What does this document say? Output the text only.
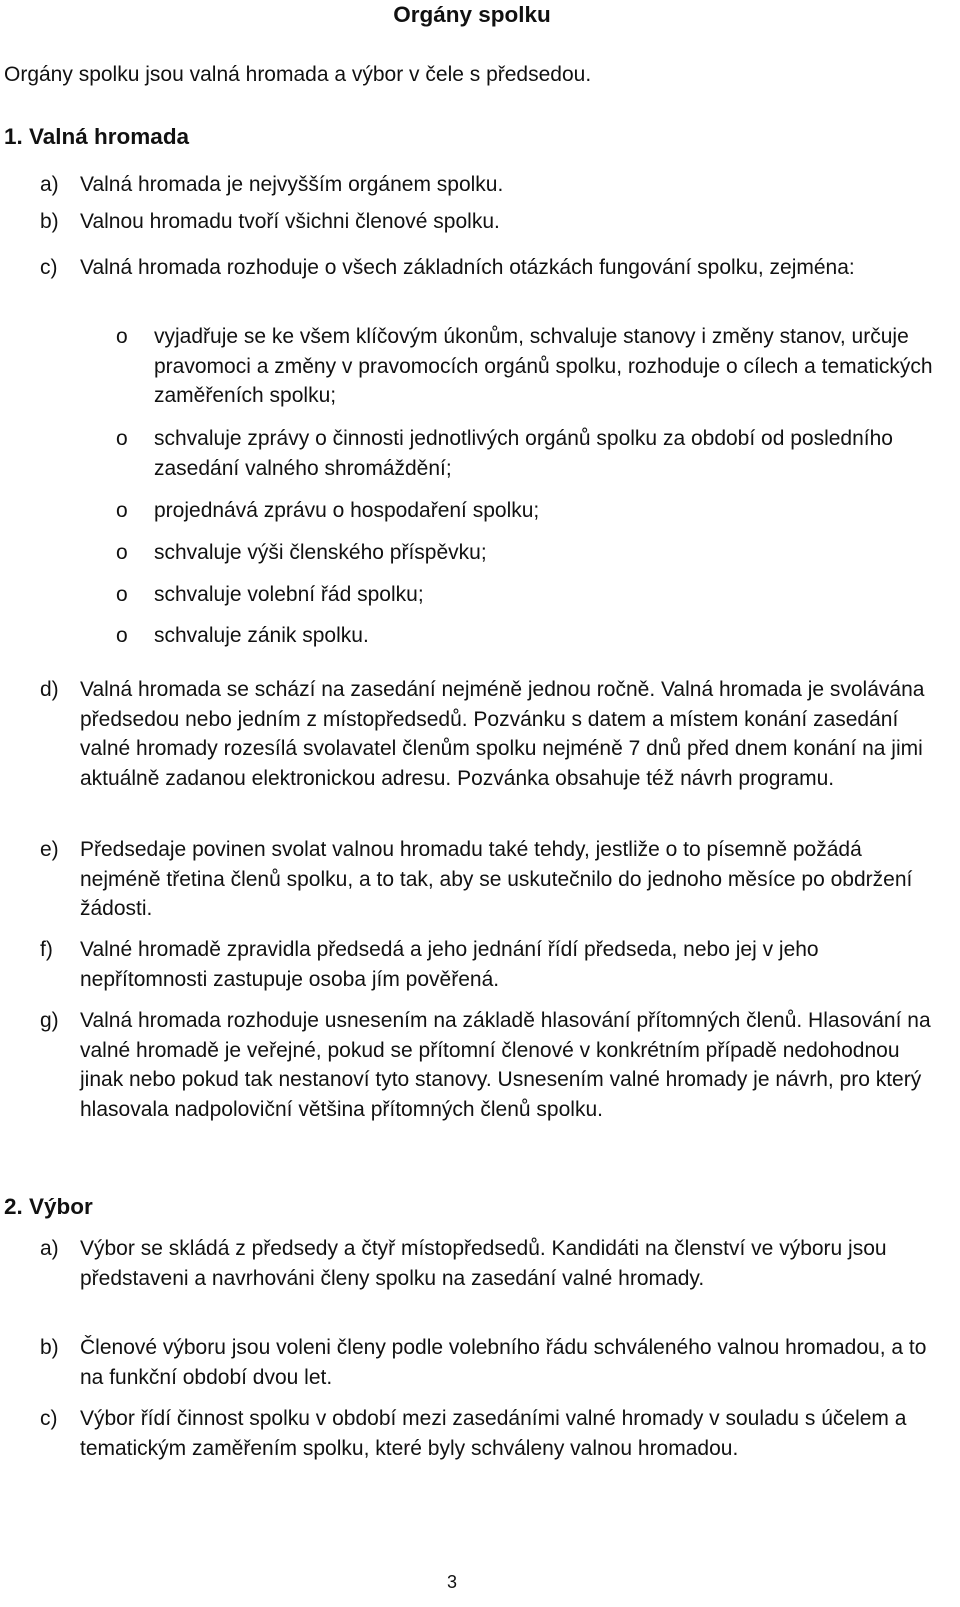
Orgány spolku
Orgány spolku jsou valná hromada a výbor v čele s předsedou.
1. Valná hromada
a) Valná hromada je nejvyšším orgánem spolku.
b) Valnou hromadu tvoří všichni členové spolku.
c)	Valná hromada rozhoduje o všech základních otázkách fungování spolku, zejména:
o vyjadřuje se ke všem klíčovým úkonům, schvaluje stanovy i změny stanov, určuje pravomoci a změny v pravomocích orgánů spolku, rozhoduje o cílech a tematických zaměřeních spolku;
o schvaluje zprávy o činnosti jednotlivých orgánů spolku za období od posledního zasedání valného shromáždění;
o projednává zprávu o hospodaření spolku;
o schvaluje výši členského příspěvku;
o schvaluje volební řád spolku;
o schvaluje zánik spolku.
d) Valná hromada se schází na zasedání nejméně jednou ročně. Valná hromada je svolávána předsedou nebo jedním z místopředsedů. Pozvánku s datem a místem konání zasedání valné hromady rozesílá svolavatel členům spolku nejméně 7 dnů před dnem konání na jimi aktuálně zadanou elektronickou adresu. Pozvánka obsahuje též návrh programu.
e) Předsedaje povinen svolat valnou hromadu také tehdy, jestliže o to písemně požádá nejméně třetina členů spolku, a to tak, aby se uskutečnilo do jednoho měsíce po obdržení žádosti.
f) Valné hromadě zpravidla předsedá a jeho jednání řídí předseda, nebo jej v jeho nepřítomnosti zastupuje osoba jím pověřená.
g) Valná hromada rozhoduje usnesením na základě hlasování přítomných členů. Hlasování na valné hromadě je veřejné, pokud se přítomní členové v konkrétním případě nedohodnou jinak nebo pokud tak nestanoví tyto stanovy. Usnesením valné hromady je návrh, pro který hlasovala nadpoloviční většina přítomných členů spolku.
2. Výbor
a) Výbor se skládá z předsedy a čtyř místopředsedů. Kandidáti na členství ve výboru jsou představeni a navrhováni členy spolku na zasedání valné hromady.
b) Členové výboru jsou voleni členy podle volebního řádu schváleného valnou hromadou, a to na funkční období dvou let.
c) Výbor řídí činnost spolku v období mezi zasedáními valné hromady v souladu s účelem a tematickým zaměřením spolku, které byly schváleny valnou hromadou.
3
